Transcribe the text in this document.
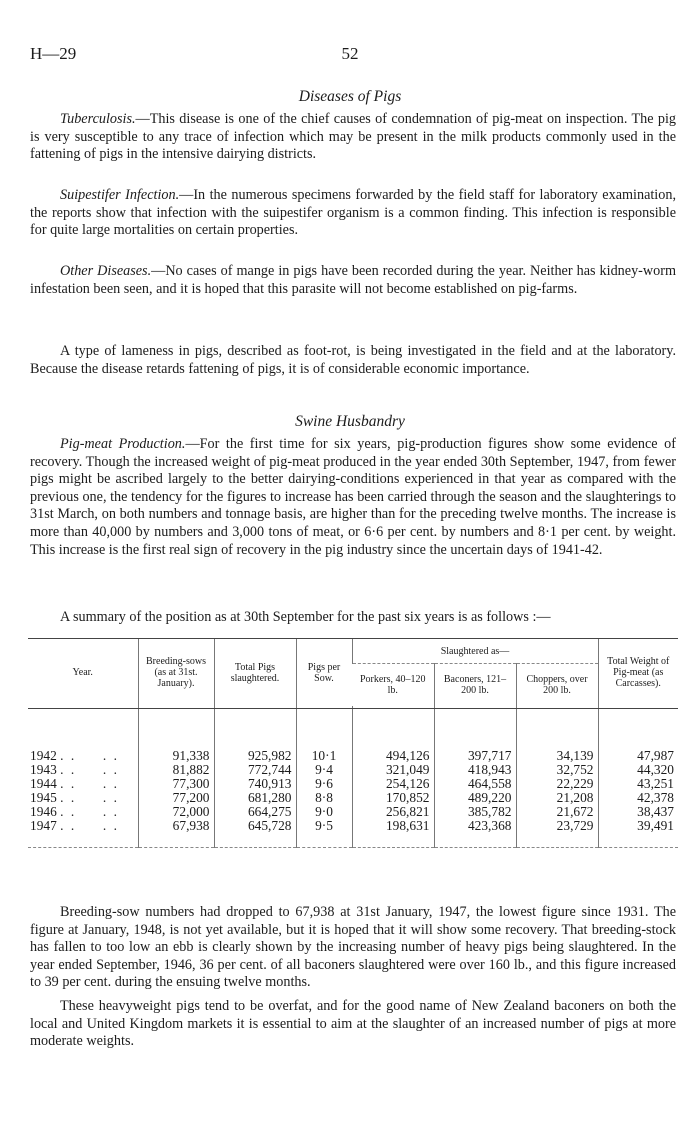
H—29	52
Diseases of Pigs

Tuberculosis.—This disease is one of the chief causes of condemnation of pig-meat on inspection. The pig is very susceptible to any trace of infection which may be present in the milk products commonly used in the fattening of pigs in the intensive dairying districts.

Suipestifer Infection.—In the numerous specimens forwarded by the field staff for laboratory examination, the reports show that infection with the suipestifer organism is a common finding. This infection is responsible for quite large mortalities on certain properties.

Other Diseases.—No cases of mange in pigs have been recorded during the year. Neither has kidney-worm infestation been seen, and it is hoped that this parasite will not become established on pig-farms.

A type of lameness in pigs, described as foot-rot, is being investigated in the field and at the laboratory. Because the disease retards fattening of pigs, it is of considerable economic importance.

Swine Husbandry

Pig-meat Production.—For the first time for six years, pig-production figures show some evidence of recovery. Though the increased weight of pig-meat produced in the year ended 30th September, 1947, from fewer pigs might be ascribed largely to the better dairying-conditions experienced in that year as compared with the previous one, the tendency for the figures to increase has been carried through the season and the slaughterings to 31st March, on both numbers and tonnage basis, are higher than for the preceding twelve months. The increase is more than 40,000 by numbers and 3,000 tons of meat, or 6·6 per cent. by numbers and 8·1 per cent. by weight. This increase is the first real sign of recovery in the pig industry since the uncertain days of 1941-42.

A summary of the position as at 30th September for the past six years is as follows :—

Year.	Breeding-sows (as at 31st. January).	Total Pigs slaughtered.	Pigs per Sow.	Slaughtered as—			Total Weight of Pig-meat (as Carcasses).
				Porkers, 40–120 lb.	Baconers, 121–200 lb.	Choppers, over 200 lb.	

1942 . .     . .	91,338	925,982	10·1	494,126	397,717	34,139	47,987
1943 . .     . .	81,882	772,744	9·4	321,049	418,943	32,752	44,320
1944 . .     . .	77,300	740,913	9·6	254,126	464,558	22,229	43,251
1945 . .     . .	77,200	681,280	8·8	170,852	489,220	21,208	42,378
1946 . .     . .	72,000	664,275	9·0	256,821	385,782	21,672	38,437
1947 . .     . .	67,938	645,728	9·5	198,631	423,368	23,729	39,491

Breeding-sow numbers had dropped to 67,938 at 31st January, 1947, the lowest figure since 1931. The figure at January, 1948, is not yet available, but it is hoped that it will show some recovery. That breeding-stock has fallen to too low an ebb is clearly shown by the increasing number of heavy pigs being slaughtered. In the year ended September, 1946, 36 per cent. of all baconers slaughtered were over 160 lb., and this figure increased to 39 per cent. during the ensuing twelve months.

These heavyweight pigs tend to be overfat, and for the good name of New Zealand baconers on both the local and United Kingdom markets it is essential to aim at the slaughter of an increased number of pigs at more moderate weights.
